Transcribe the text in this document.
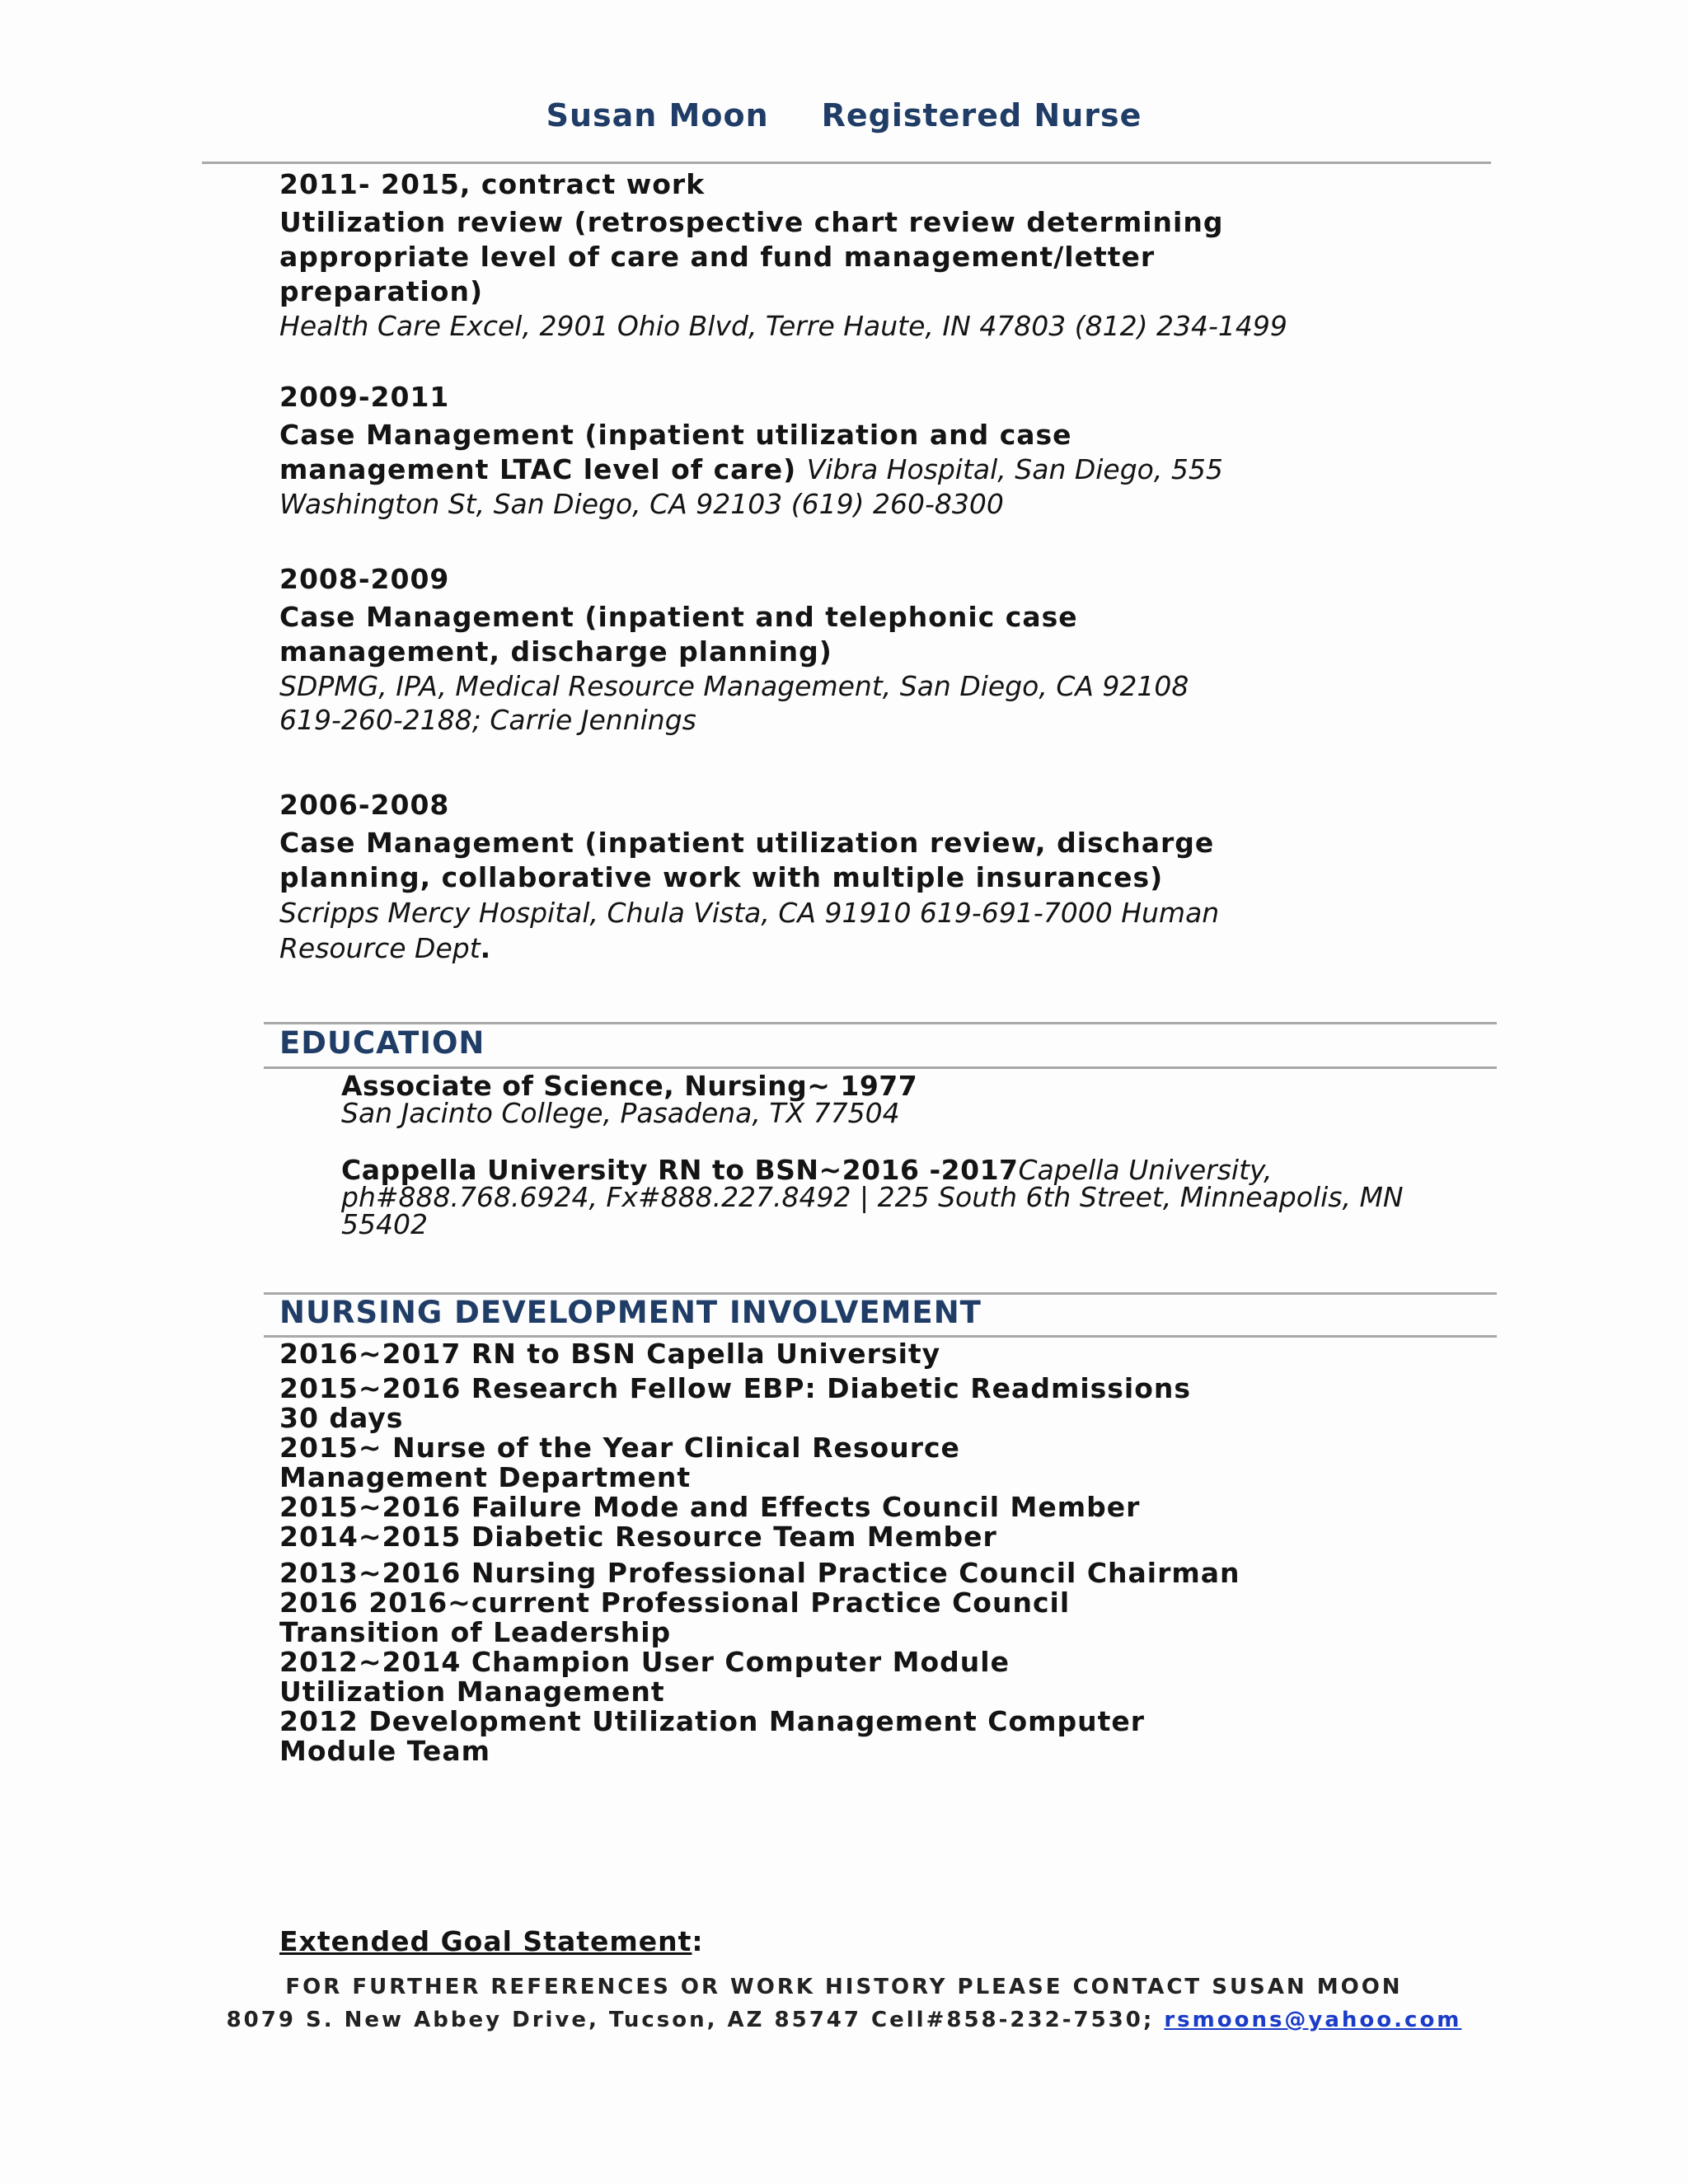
Susan Moon Registered Nurse
2011- 2015, contract work
Utilization review (retrospective chart review determining appropriate level of care and fund management/letter preparation)
Health Care Excel, 2901 Ohio Blvd, Terre Haute, IN 47803 (812) 234-1499
2009-2011
Case Management (inpatient utilization and case management LTAC level of care) Vibra Hospital, San Diego, 555 Washington St, San Diego, CA 92103 (619) 260-8300
2008-2009
Case Management (inpatient and telephonic case management, discharge planning)
SDPMG, IPA, Medical Resource Management, San Diego, CA 92108 619-260-2188; Carrie Jennings
2006-2008
Case Management (inpatient utilization review, discharge planning, collaborative work with multiple insurances)
Scripps Mercy Hospital, Chula Vista, CA 91910 619-691-7000 Human Resource Dept.
EDUCATION
Associate of Science, Nursing~ 1977
San Jacinto College, Pasadena, TX 77504
Cappella University RN to BSN~2016 -2017Capella University, ph#888.768.6924, Fx#888.227.8492 | 225 South 6th Street, Minneapolis, MN 55402
NURSING DEVELOPMENT INVOLVEMENT
2016~2017 RN to BSN Capella University
2015~2016 Research Fellow EBP: Diabetic Readmissions 30 days
2015~ Nurse of the Year Clinical Resource Management Department
2015~2016 Failure Mode and Effects Council Member
2014~2015 Diabetic Resource Team Member
2013~2016 Nursing Professional Practice Council Chairman
2016 2016~current Professional Practice Council Transition of Leadership
2012~2014 Champion User Computer Module Utilization Management
2012 Development Utilization Management Computer Module Team
Extended Goal Statement:
FOR FURTHER REFERENCES OR WORK HISTORY PLEASE CONTACT SUSAN MOON
8079 S. New Abbey Drive, Tucson, AZ 85747 Cell#858-232-7530; rsmoons@yahoo.com
